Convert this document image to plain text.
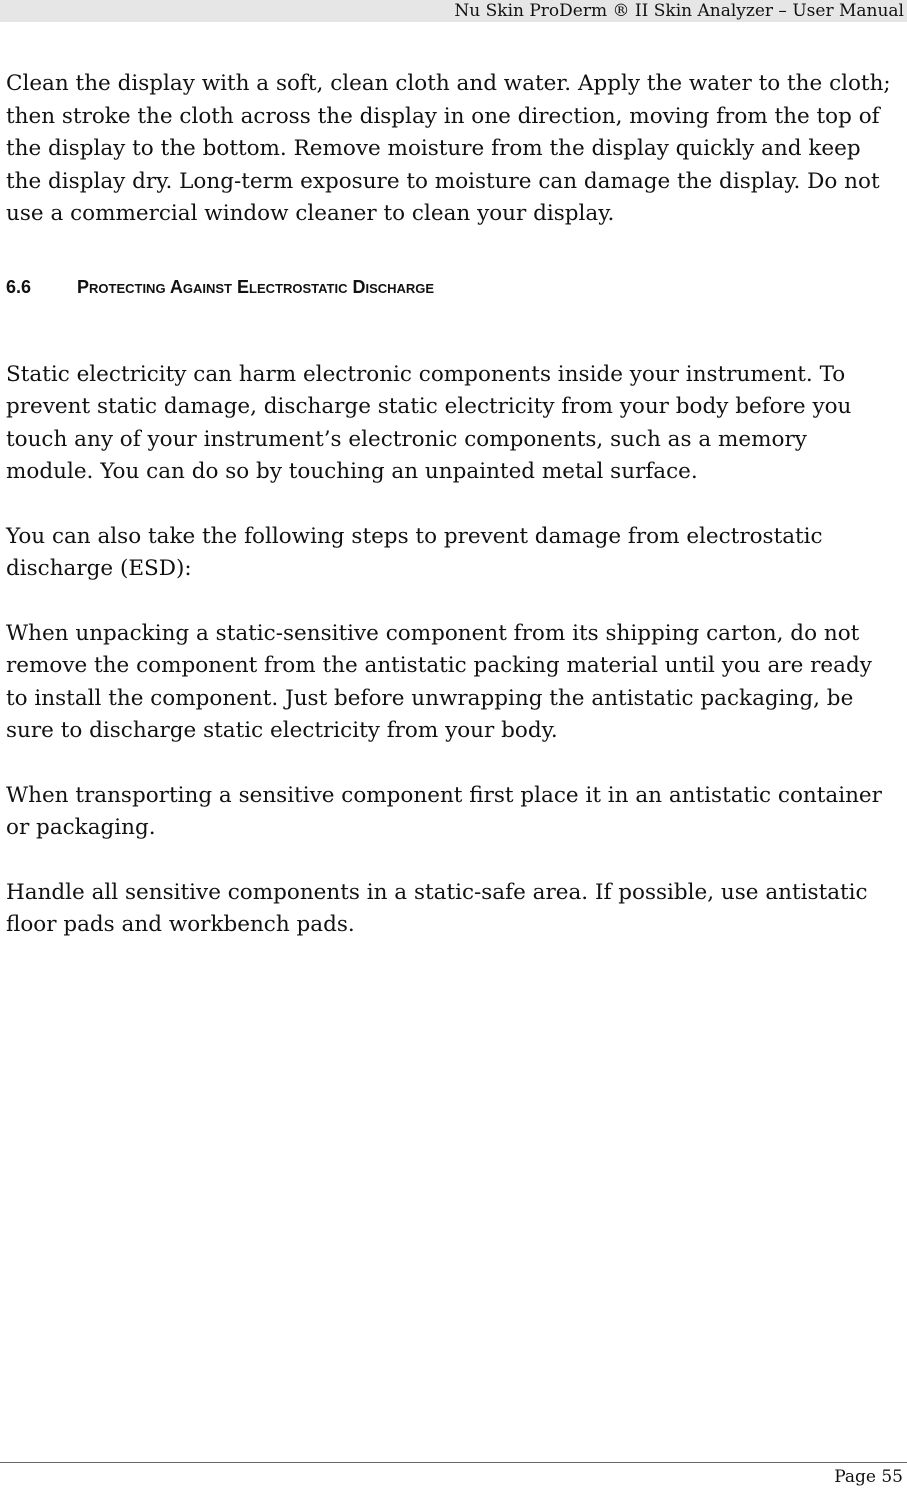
Nu Skin ProDerm ® II Skin Analyzer – User Manual

Clean the display with a soft, clean cloth and water. Apply the water to the cloth; then stroke the cloth across the display in one direction, moving from the top of the display to the bottom. Remove moisture from the display quickly and keep the display dry. Long-term exposure to moisture can damage the display. Do not use a commercial window cleaner to clean your display.

6.6	Protecting Against Electrostatic Discharge

Static electricity can harm electronic components inside your instrument. To prevent static damage, discharge static electricity from your body before you touch any of your instrument’s electronic components, such as a memory module. You can do so by touching an unpainted metal surface.

You can also take the following steps to prevent damage from electrostatic discharge (ESD):

When unpacking a static-sensitive component from its shipping carton, do not remove the component from the antistatic packing material until you are ready to install the component. Just before unwrapping the antistatic packaging, be sure to discharge static electricity from your body.

When transporting a sensitive component first place it in an antistatic container or packaging.

Handle all sensitive components in a static-safe area. If possible, use antistatic floor pads and workbench pads.

Page 55
